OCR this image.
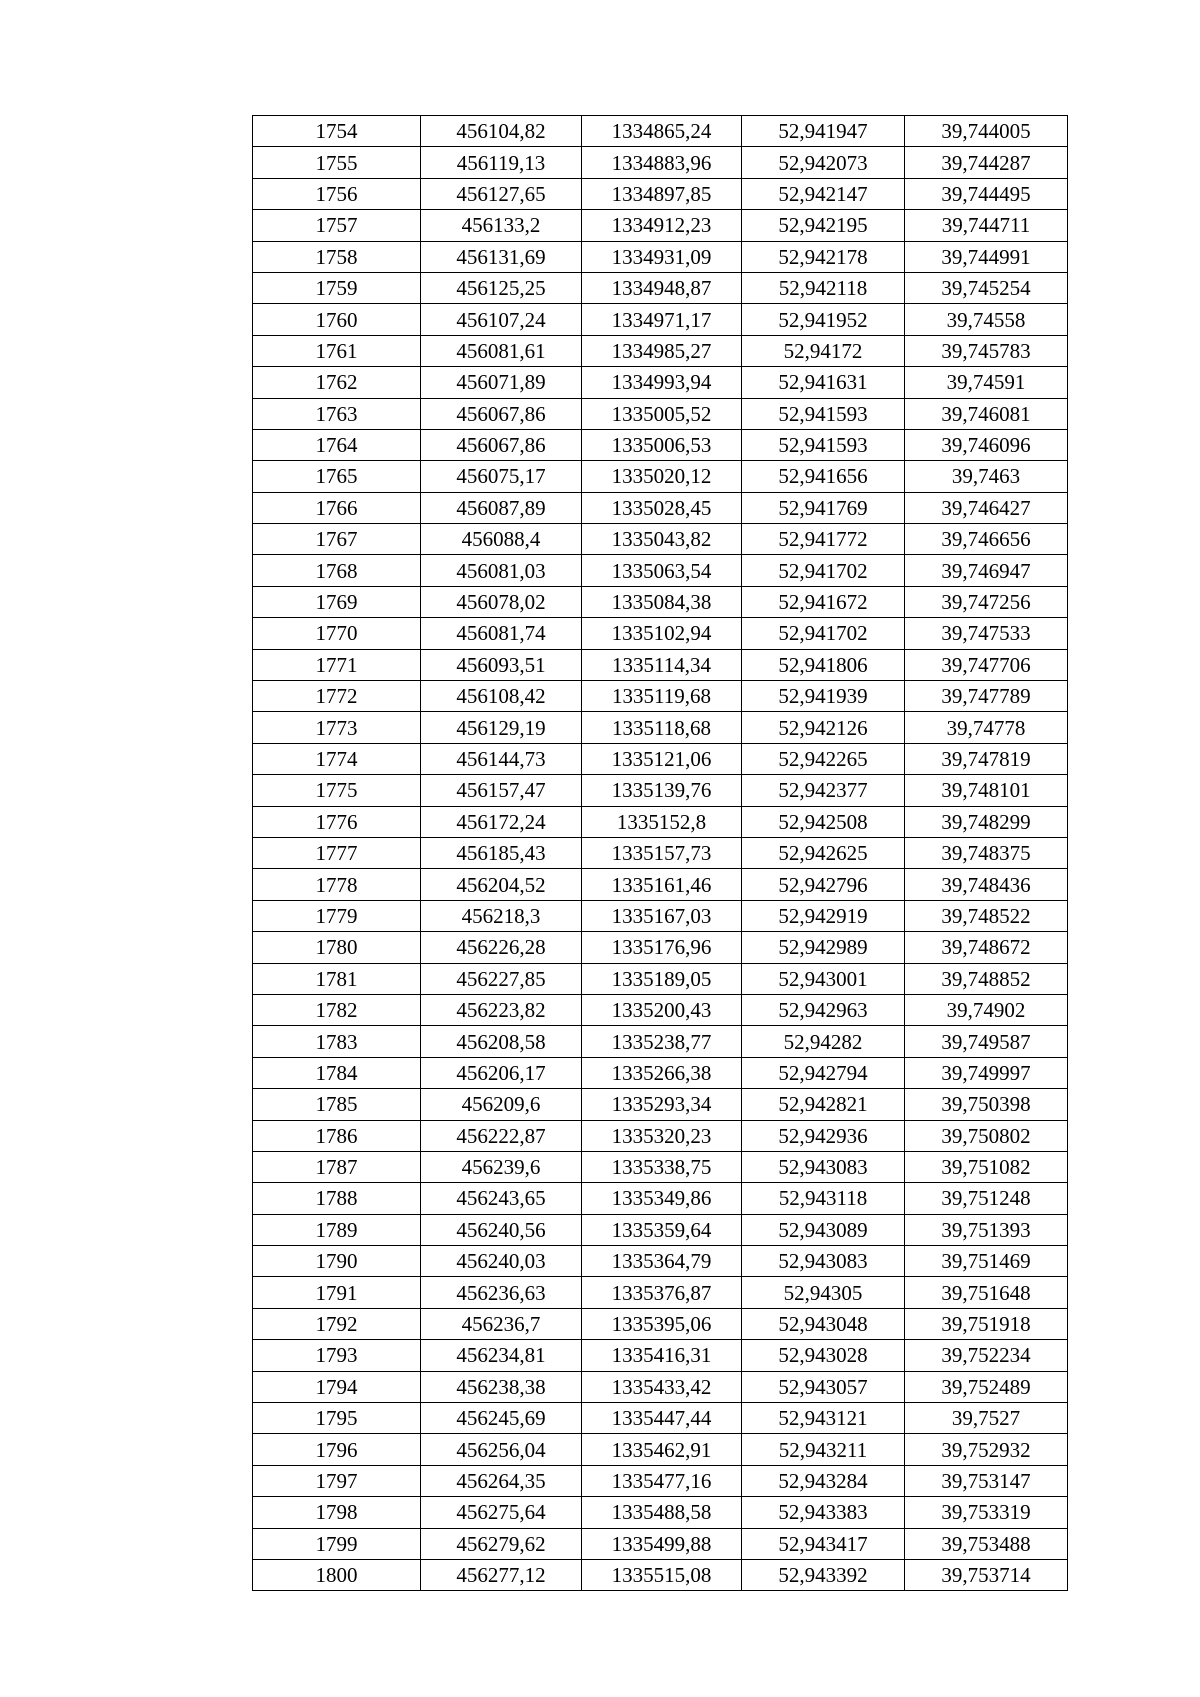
1754	456104,82	1334865,24	52,941947	39,744005
1755	456119,13	1334883,96	52,942073	39,744287
1756	456127,65	1334897,85	52,942147	39,744495
1757	456133,2	1334912,23	52,942195	39,744711
1758	456131,69	1334931,09	52,942178	39,744991
1759	456125,25	1334948,87	52,942118	39,745254
1760	456107,24	1334971,17	52,941952	39,74558
1761	456081,61	1334985,27	52,94172	39,745783
1762	456071,89	1334993,94	52,941631	39,74591
1763	456067,86	1335005,52	52,941593	39,746081
1764	456067,86	1335006,53	52,941593	39,746096
1765	456075,17	1335020,12	52,941656	39,7463
1766	456087,89	1335028,45	52,941769	39,746427
1767	456088,4	1335043,82	52,941772	39,746656
1768	456081,03	1335063,54	52,941702	39,746947
1769	456078,02	1335084,38	52,941672	39,747256
1770	456081,74	1335102,94	52,941702	39,747533
1771	456093,51	1335114,34	52,941806	39,747706
1772	456108,42	1335119,68	52,941939	39,747789
1773	456129,19	1335118,68	52,942126	39,74778
1774	456144,73	1335121,06	52,942265	39,747819
1775	456157,47	1335139,76	52,942377	39,748101
1776	456172,24	1335152,8	52,942508	39,748299
1777	456185,43	1335157,73	52,942625	39,748375
1778	456204,52	1335161,46	52,942796	39,748436
1779	456218,3	1335167,03	52,942919	39,748522
1780	456226,28	1335176,96	52,942989	39,748672
1781	456227,85	1335189,05	52,943001	39,748852
1782	456223,82	1335200,43	52,942963	39,74902
1783	456208,58	1335238,77	52,94282	39,749587
1784	456206,17	1335266,38	52,942794	39,749997
1785	456209,6	1335293,34	52,942821	39,750398
1786	456222,87	1335320,23	52,942936	39,750802
1787	456239,6	1335338,75	52,943083	39,751082
1788	456243,65	1335349,86	52,943118	39,751248
1789	456240,56	1335359,64	52,943089	39,751393
1790	456240,03	1335364,79	52,943083	39,751469
1791	456236,63	1335376,87	52,94305	39,751648
1792	456236,7	1335395,06	52,943048	39,751918
1793	456234,81	1335416,31	52,943028	39,752234
1794	456238,38	1335433,42	52,943057	39,752489
1795	456245,69	1335447,44	52,943121	39,7527
1796	456256,04	1335462,91	52,943211	39,752932
1797	456264,35	1335477,16	52,943284	39,753147
1798	456275,64	1335488,58	52,943383	39,753319
1799	456279,62	1335499,88	52,943417	39,753488
1800	456277,12	1335515,08	52,943392	39,753714
